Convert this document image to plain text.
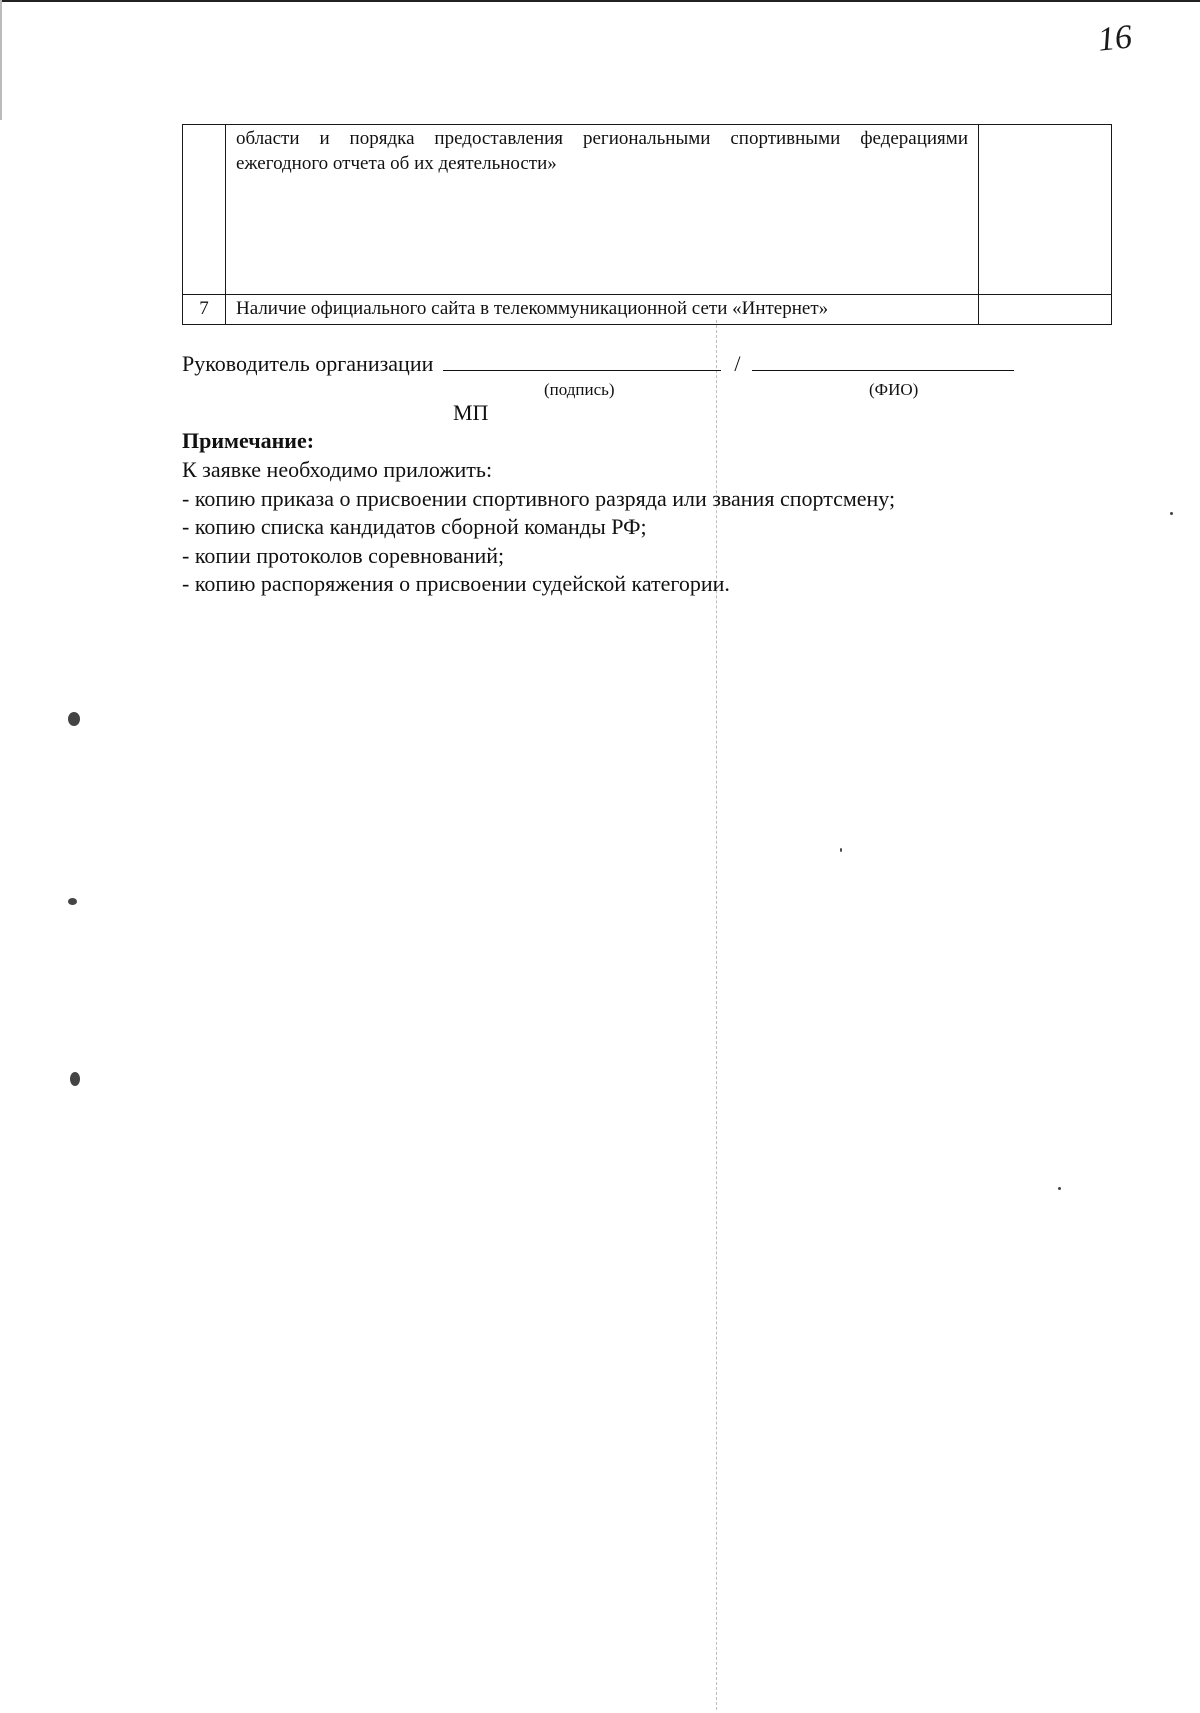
16
	области и порядка предоставления региональными спортивными федерациями ежегодного отчета об их деятельности»	
7	Наличие официального сайта в телекоммуникационной сети «Интернет»	
Руководитель организации	/
(подпись)	(ФИО)
МП
Примечание:
К заявке необходимо приложить:
- копию приказа о присвоении спортивного разряда или звания спортсмену;
- копию списка кандидатов сборной команды РФ;
- копии протоколов соревнований;
- копию распоряжения о присвоении судейской категории.
